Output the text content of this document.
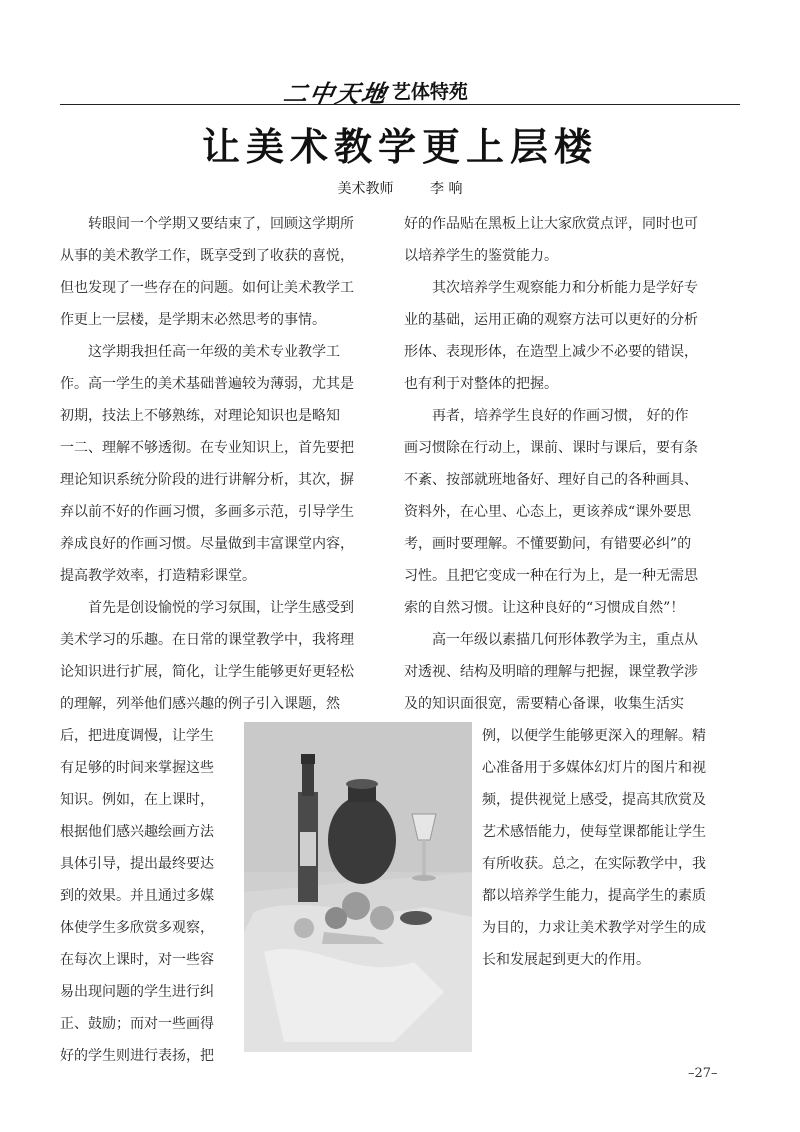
二中天地
· 艺体特苑
让美术教学更上层楼
美术教师	李 响
转眼间一个学期又要结束了，回顾这学期所
从事的美术教学工作，既享受到了收获的喜悦，
但也发现了一些存在的问题。如何让美术教学工
作更上一层楼，是学期末必然思考的事情。
这学期我担任高一年级的美术专业教学工
作。高一学生的美术基础普遍较为薄弱，尤其是
初期，技法上不够熟练，对理论知识也是略知
一二、理解不够透彻。在专业知识上，首先要把
理论知识系统分阶段的进行讲解分析，其次，摒
弃以前不好的作画习惯，多画多示范，引导学生
养成良好的作画习惯。尽量做到丰富课堂内容，
提高教学效率，打造精彩课堂。
首先是创设愉悦的学习氛围，让学生感受到
美术学习的乐趣。在日常的课堂教学中，我将理
论知识进行扩展，简化，让学生能够更好更轻松
的理解，列举他们感兴趣的例子引入课题，然
好的作品贴在黑板上让大家欣赏点评，同时也可
以培养学生的鉴赏能力。
其次培养学生观察能力和分析能力是学好专
业的基础，运用正确的观察方法可以更好的分析
形体、表现形体，在造型上减少不必要的错误，
也有利于对整体的把握。
再者，培养学生良好的作画习惯， 好的作
画习惯除在行动上，课前、课时与课后，要有条
不紊、按部就班地备好、理好自己的各种画具、
资料外，在心里、心态上，更该养成“课外要思
考，画时要理解。不懂要勤问，有错要必纠”的
习性。且把它变成一种在行为上，是一种无需思
索的自然习惯。让这种良好的“习惯成自然”！
高一年级以素描几何形体教学为主，重点从
对透视、结构及明暗的理解与把握，课堂教学涉
及的知识面很宽，需要精心备课，收集生活实
后，把进度调慢，让学生
有足够的时间来掌握这些
知识。例如，在上课时，
根据他们感兴趣绘画方法
具体引导，提出最终要达
到的效果。并且通过多媒
体使学生多欣赏多观察，
在每次上课时，对一些容
易出现问题的学生进行纠
正、鼓励；而对一些画得
好的学生则进行表扬，把
例，以便学生能够更深入的理解。精
心准备用于多媒体幻灯片的图片和视
频，提供视觉上感受，提高其欣赏及
艺术感悟能力，使每堂课都能让学生
有所收获。总之，在实际教学中，我
都以培养学生能力，提高学生的素质
为目的，力求让美术教学对学生的成
长和发展起到更大的作用。
–27–
